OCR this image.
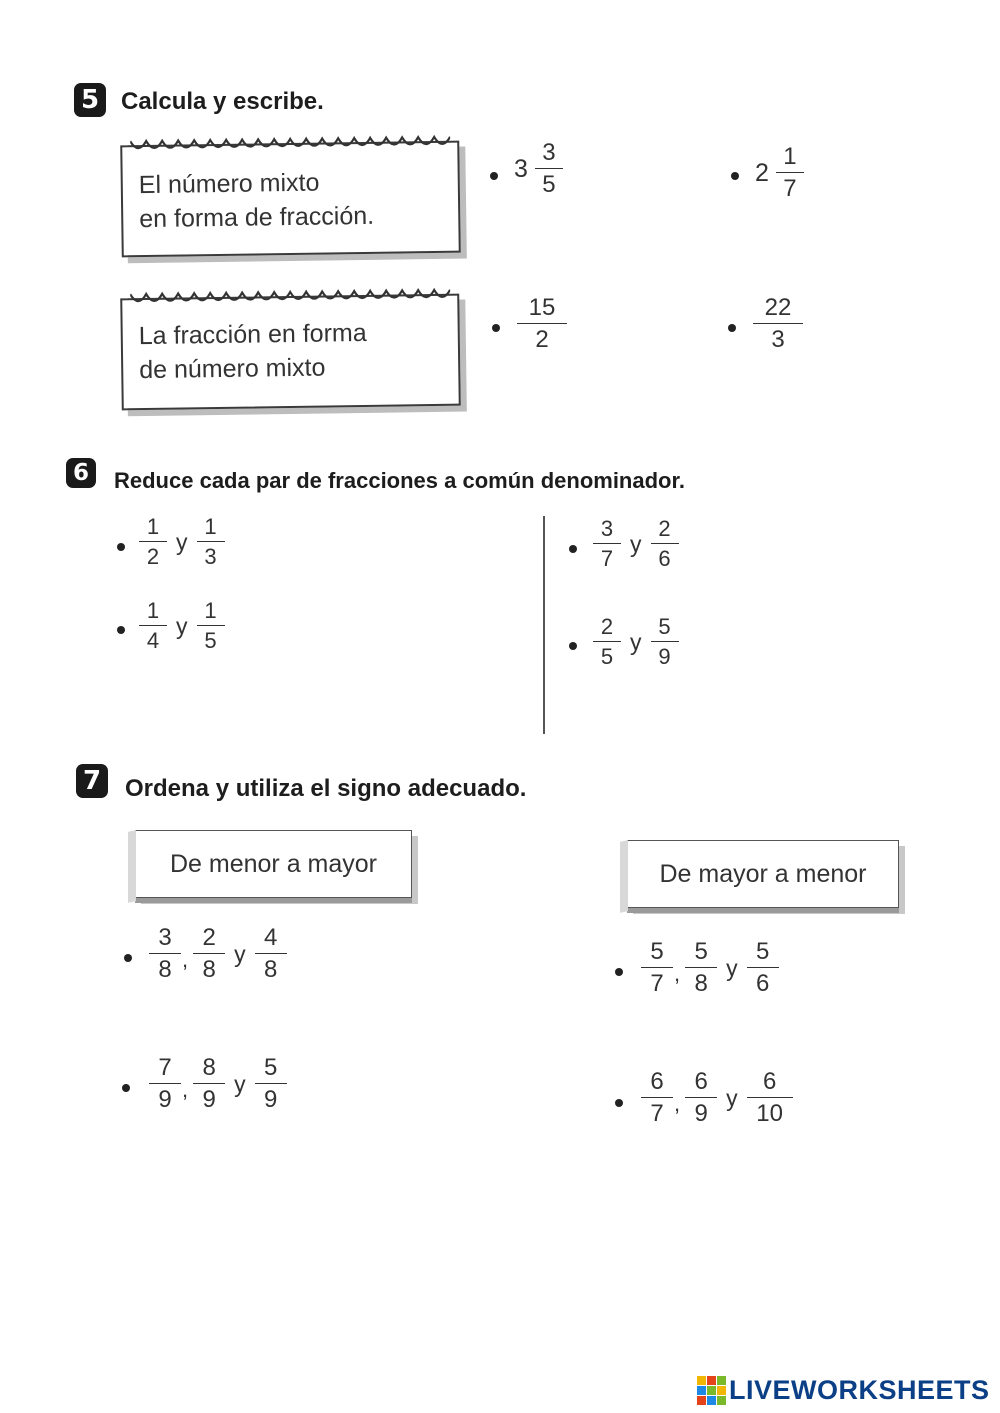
5 Calcula y escribe.
El número mixto
en forma de fracción.
La fracción en forma
de número mixto
$3 \frac{3}{5}$	$2 \frac{1}{7}$
$\frac{15}{2}$	$\frac{22}{3}$
6	Reduce cada par de fracciones a común denominador.
$\frac{1}{2}$ y $\frac{1}{3}$
$\frac{1}{4}$ y $\frac{1}{5}$
$\frac{3}{7}$ y $\frac{2}{6}$
$\frac{2}{5}$ y $\frac{5}{9}$
7 Ordena y utiliza el signo adecuado.
De menor a mayor	De mayor a menor
$\frac{3}{8}$ , $\frac{2}{8}$ y $\frac{4}{8}$
$\frac{7}{9}$ , $\frac{8}{9}$ y $\frac{5}{9}$
$\frac{5}{7}$ , $\frac{5}{8}$ y $\frac{5}{6}$
$\frac{6}{7}$ , $\frac{6}{9}$ y $\frac{6}{10}$
LIVEWORKSHEETS
